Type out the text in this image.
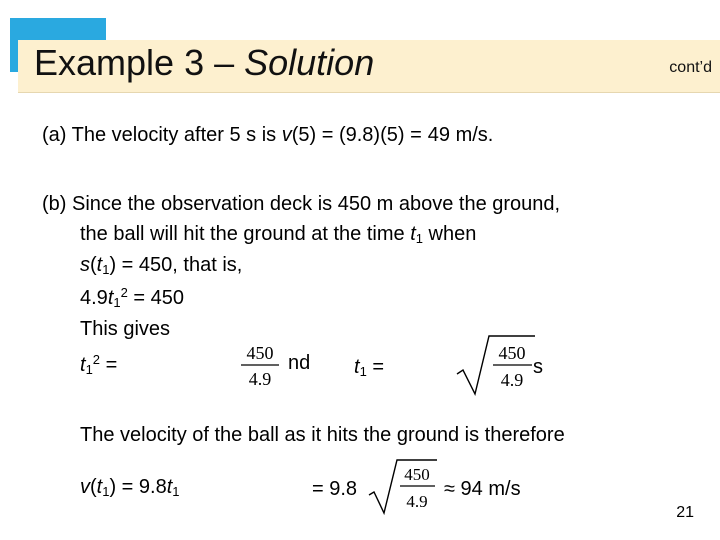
Example 3 – Solution	cont’d
(a) The velocity after 5 s is v(5) = (9.8)(5) = 49 m/s.
(b) Since the observation deck is 450 m above the ground,
the ball will hit the ground at the time $t_1$ when
$s(t_1) = 450$, that is,
$4.9t_1^2 = 450$
This gives
$t_1^2$ =
450
4.9
nd $t_1$ =
450
4.9
s
The velocity of the ball as it hits the ground is therefore
$v(t_1) = 9.8t_1$	= 9.8
450
4.9
≈ 94 m/s
21
